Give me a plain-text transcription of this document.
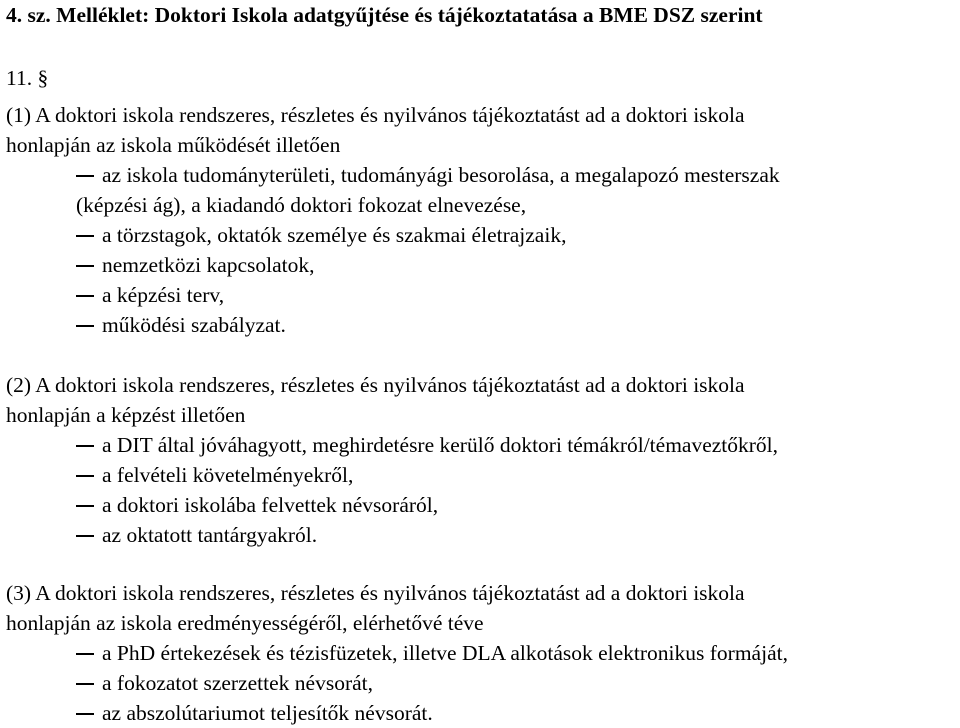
4. sz. Melléklet: Doktori Iskola adatgyűjtése és tájékoztatatása a BME DSZ szerint
11. §
(1) A doktori iskola rendszeres, részletes és nyilvános tájékoztatást ad a doktori iskola
honlapján az iskola működését illetően
az iskola tudományterületi, tudományági besorolása, a megalapozó mesterszak
(képzési ág), a kiadandó doktori fokozat elnevezése,
a törzstagok, oktatók személye és szakmai életrajzaik,
nemzetközi kapcsolatok,
a képzési terv,
működési szabályzat.
(2) A doktori iskola rendszeres, részletes és nyilvános tájékoztatást ad a doktori iskola
honlapján a képzést illetően
a DIT által jóváhagyott, meghirdetésre kerülő doktori témákról/témaveztőkről,
a felvételi követelményekről,
a doktori iskolába felvettek névsoráról,
az oktatott tantárgyakról.
(3) A doktori iskola rendszeres, részletes és nyilvános tájékoztatást ad a doktori iskola
honlapján az iskola eredményességéről, elérhetővé téve
a PhD értekezések és tézisfüzetek, illetve DLA alkotások elektronikus formáját,
a fokozatot szerzettek névsorát,
az abszolútariumot teljesítők névsorát.
